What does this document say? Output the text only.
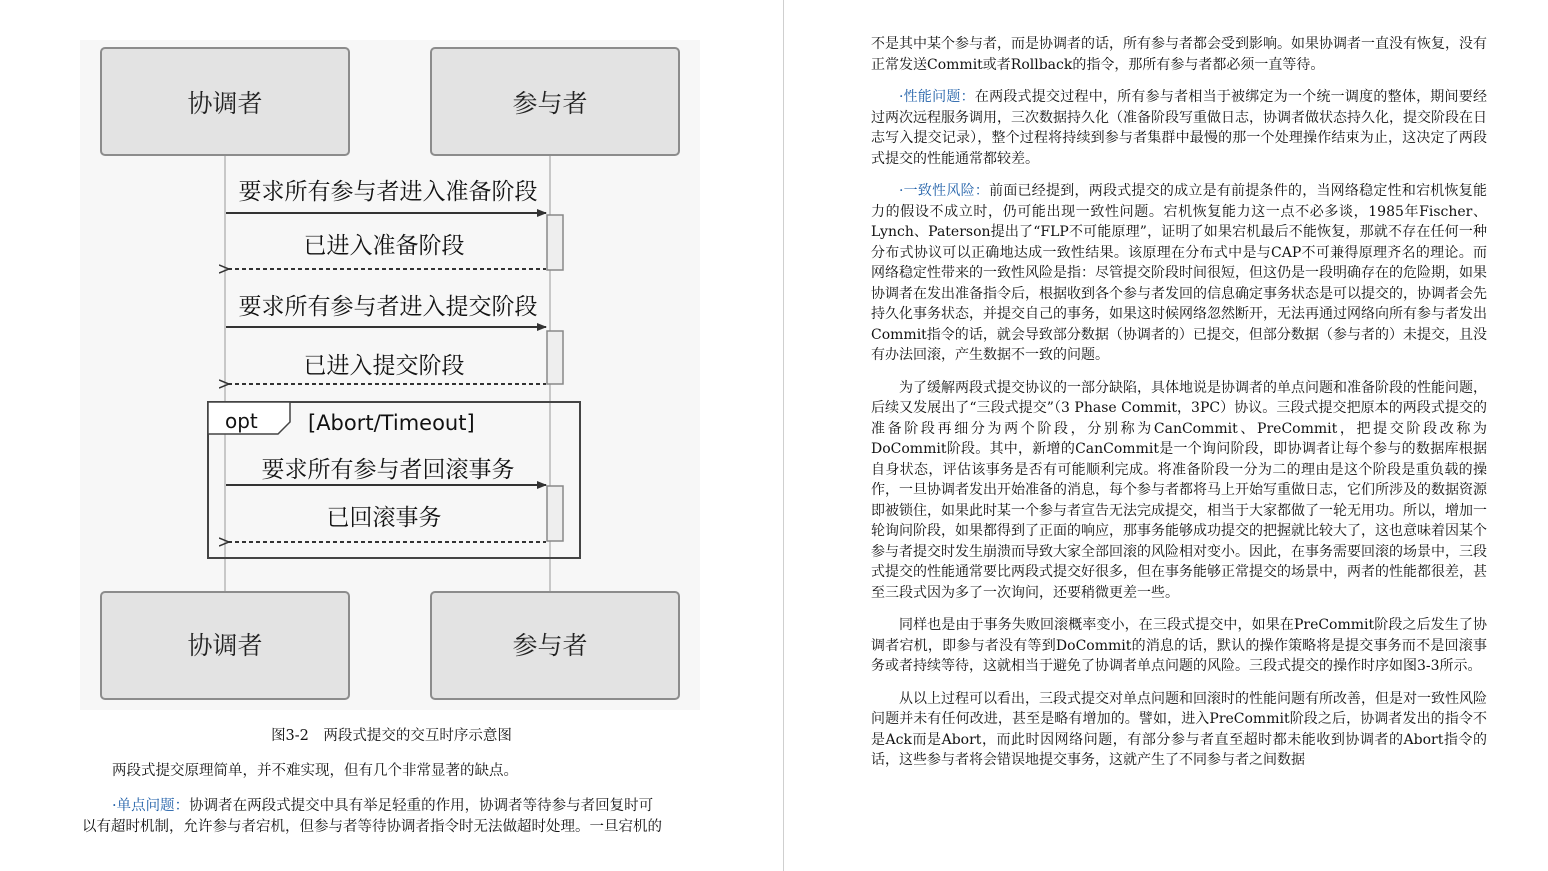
协调者	参与者
要求所有参与者进入准备阶段
已进入准备阶段
要求所有参与者进入提交阶段
已进入提交阶段
opt [Abort/Timeout]
要求所有参与者回滚事务
已回滚事务
协调者	参与者
图3-2　两段式提交的交互时序示意图
两段式提交原理简单，并不难实现，但有几个非常显著的缺点。
·单点问题：协调者在两段式提交中具有举足轻重的作用，协调者等待参与者回复时可
以有超时机制，允许参与者宕机，但参与者等待协调者指令时无法做超时处理。一旦宕机的

不是其中某个参与者，而是协调者的话，所有参与者都会受到影响。如果协调者一直没有恢复，没有正常发送Commit或者Rollback的指令，那所有参与者都必须一直等待。

·性能问题：在两段式提交过程中，所有参与者相当于被绑定为一个统一调度的整体，期间要经过两次远程服务调用，三次数据持久化（准备阶段写重做日志，协调者做状态持久化，提交阶段在日志写入提交记录），整个过程将持续到参与者集群中最慢的那一个处理操作结束为止，这决定了两段式提交的性能通常都较差。

·一致性风险：前面已经提到，两段式提交的成立是有前提条件的，当网络稳定性和宕机恢复能力的假设不成立时，仍可能出现一致性问题。宕机恢复能力这一点不必多谈，1985年Fischer、Lynch、Paterson提出了“FLP不可能原理”，证明了如果宕机最后不能恢复，那就不存在任何一种分布式协议可以正确地达成一致性结果。该原理在分布式中是与CAP不可兼得原理齐名的理论。而网络稳定性带来的一致性风险是指：尽管提交阶段时间很短，但这仍是一段明确存在的危险期，如果协调者在发出准备指令后，根据收到各个参与者发回的信息确定事务状态是可以提交的，协调者会先持久化事务状态，并提交自己的事务，如果这时候网络忽然断开，无法再通过网络向所有参与者发出Commit指令的话，就会导致部分数据（协调者的）已提交，但部分数据（参与者的）未提交，且没有办法回滚，产生数据不一致的问题。

为了缓解两段式提交协议的一部分缺陷，具体地说是协调者的单点问题和准备阶段的性能问题，后续又发展出了“三段式提交”（3 Phase Commit，3PC）协议。三段式提交把原本的两段式提交的准备阶段再细分为两个阶段，分别称为CanCommit、PreCommit，把提交阶段改称为DoCommit阶段。其中，新增的CanCommit是一个询问阶段，即协调者让每个参与的数据库根据自身状态，评估该事务是否有可能顺利完成。将准备阶段一分为二的理由是这个阶段是重负载的操作，一旦协调者发出开始准备的消息，每个参与者都将马上开始写重做日志，它们所涉及的数据资源即被锁住，如果此时某一个参与者宣告无法完成提交，相当于大家都做了一轮无用功。所以，增加一轮询问阶段，如果都得到了正面的响应，那事务能够成功提交的把握就比较大了，这也意味着因某个参与者提交时发生崩溃而导致大家全部回滚的风险相对变小。因此，在事务需要回滚的场景中，三段式提交的性能通常要比两段式提交好很多，但在事务能够正常提交的场景中，两者的性能都很差，甚至三段式因为多了一次询问，还要稍微更差一些。

同样也是由于事务失败回滚概率变小，在三段式提交中，如果在PreCommit阶段之后发生了协调者宕机，即参与者没有等到DoCommit的消息的话，默认的操作策略将是提交事务而不是回滚事务或者持续等待，这就相当于避免了协调者单点问题的风险。三段式提交的操作时序如图3-3所示。

从以上过程可以看出，三段式提交对单点问题和回滚时的性能问题有所改善，但是对一致性风险问题并未有任何改进，甚至是略有增加的。譬如，进入PreCommit阶段之后，协调者发出的指令不是Ack而是Abort，而此时因网络问题，有部分参与者直至超时都未能收到协调者的Abort指令的话，这些参与者将会错误地提交事务，这就产生了不同参与者之间数据
